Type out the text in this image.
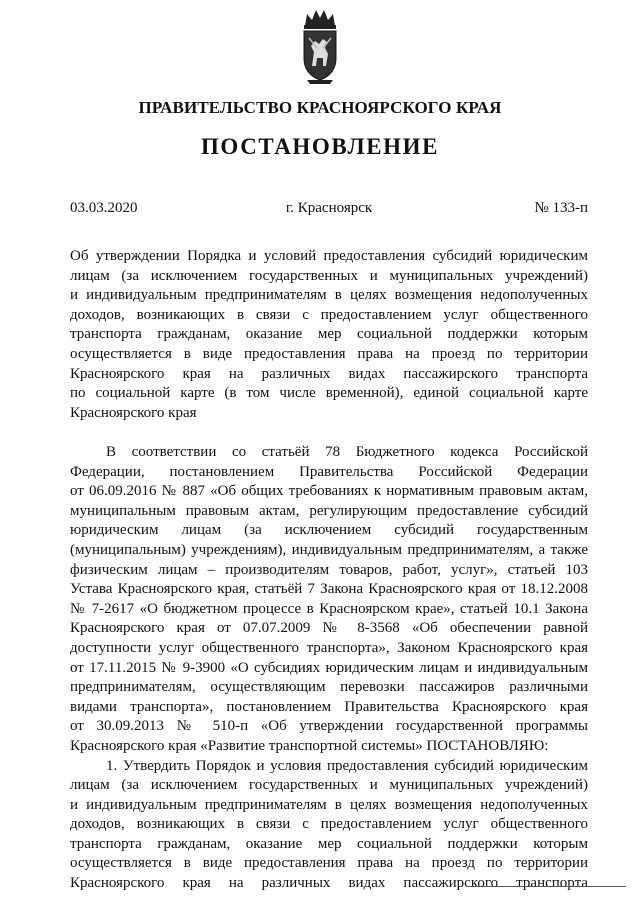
ПРАВИТЕЛЬСТВО КРАСНОЯРСКОГО КРАЯ
ПОСТАНОВЛЕНИЕ
03.03.2020	г. Красноярск	№ 133-п
Об утверждении Порядка и условий предоставления субсидий юридическим
лицам (за исключением государственных и муниципальных учреждений)
и индивидуальным предпринимателям в целях возмещения недополученных
доходов, возникающих в связи с предоставлением услуг общественного
транспорта гражданам, оказание мер социальной поддержки которым
осуществляется в виде предоставления права на проезд по территории
Красноярского края на различных видах пассажирского транспорта
по социальной карте (в том числе временной), единой социальной карте
Красноярского края
В соответствии со статьёй 78 Бюджетного кодекса Российской
Федерации, постановлением Правительства Российской Федерации
от 06.09.2016 № 887 «Об общих требованиях к нормативным правовым актам,
муниципальным правовым актам, регулирующим предоставление субсидий
юридическим лицам (за исключением субсидий государственным
(муниципальным) учреждениям), индивидуальным предпринимателям, а также
физическим лицам – производителям товаров, работ, услуг», статьей 103
Устава Красноярского края, статьёй 7 Закона Красноярского края от 18.12.2008
№ 7-2617 «О бюджетном процессе в Красноярском крае», статьей 10.1 Закона
Красноярского края от 07.07.2009 № 8-3568 «Об обеспечении равной
доступности услуг общественного транспорта», Законом Красноярского края
от 17.11.2015 № 9-3900 «О субсидиях юридическим лицам и индивидуальным
предпринимателям, осуществляющим перевозки пассажиров различными
видами транспорта», постановлением Правительства Красноярского края
от 30.09.2013 № 510-п «Об утверждении государственной программы
Красноярского края «Развитие транспортной системы» ПОСТАНОВЛЯЮ:
1. Утвердить Порядок и условия предоставления субсидий юридическим
лицам (за исключением государственных и муниципальных учреждений)
и индивидуальным предпринимателям в целях возмещения недополученных
доходов, возникающих в связи с предоставлением услуг общественного
транспорта гражданам, оказание мер социальной поддержки которым
осуществляется в виде предоставления права на проезд по территории
Красноярского края на различных видах пассажирского транспорта
